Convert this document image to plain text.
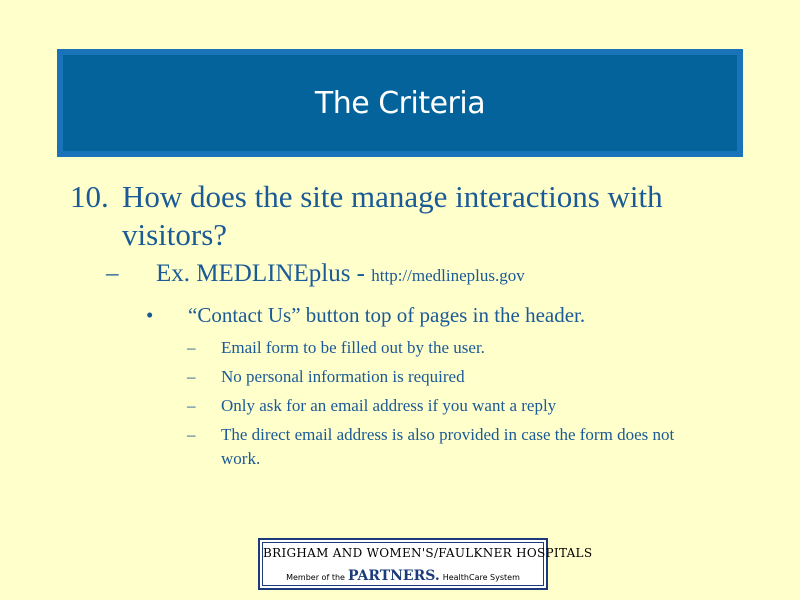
The Criteria
10. How does the site manage interactions with visitors?
– Ex. MEDLINEplus - http://medlineplus.gov
• “Contact Us” button top of pages in the header.
– Email form to be filled out by the user.
– No personal information is required
– Only ask for an email address if you want a reply
– The direct email address is also provided in case the form does not work.
BRIGHAM AND WOMEN'S/FAULKNER HOSPITALS
Member of the PARTNERS. HealthCare System
